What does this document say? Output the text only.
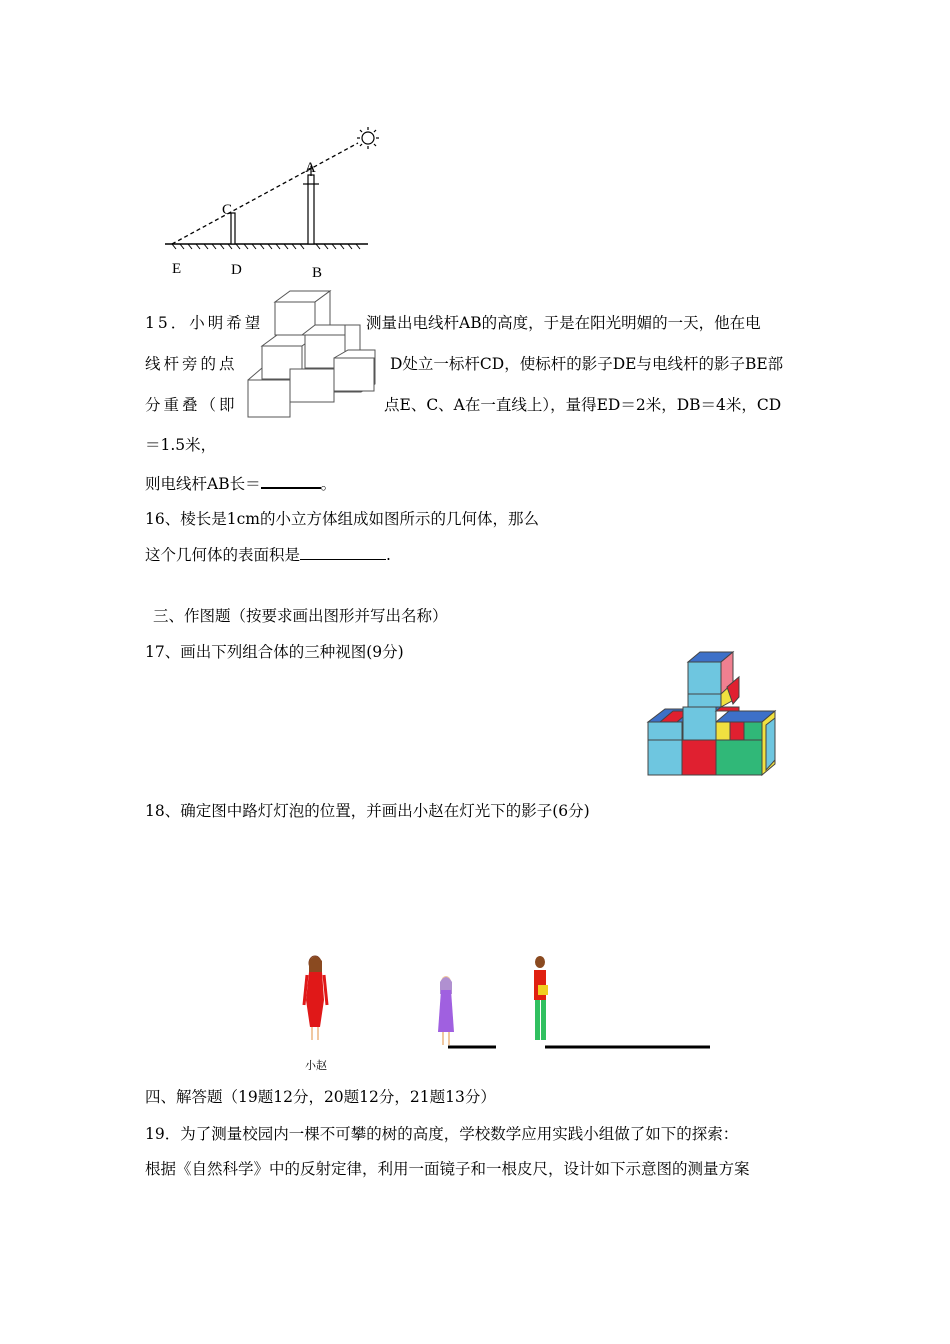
A
C
E	D	B
15．小明希望	测量出电线杆AB的高度，于是在阳光明媚的一天，他在电
线杆旁的点	D处立一标杆CD，使标杆的影子DE与电线杆的影子BE部
分重叠（即	点E、C、A在一直线上），量得ED＝2米，DB＝4米，CD
＝1.5米，
则电线杆AB长＝	。
16、棱长是1cm的小立方体组成如图所示的几何体，那么
这个几何体的表面积是	.
三、作图题（按要求画出图形并写出名称）
17、画出下列组合体的三种视图(9分)
18、确定图中路灯灯泡的位置，并画出小赵在灯光下的影子(6分)
小赵
四、解答题（19题12分，20题12分，21题13分）
19．为了测量校园内一棵不可攀的树的高度，学校数学应用实践小组做了如下的探索：
根据《自然科学》中的反射定律，利用一面镜子和一根皮尺，设计如下示意图的测量方案
